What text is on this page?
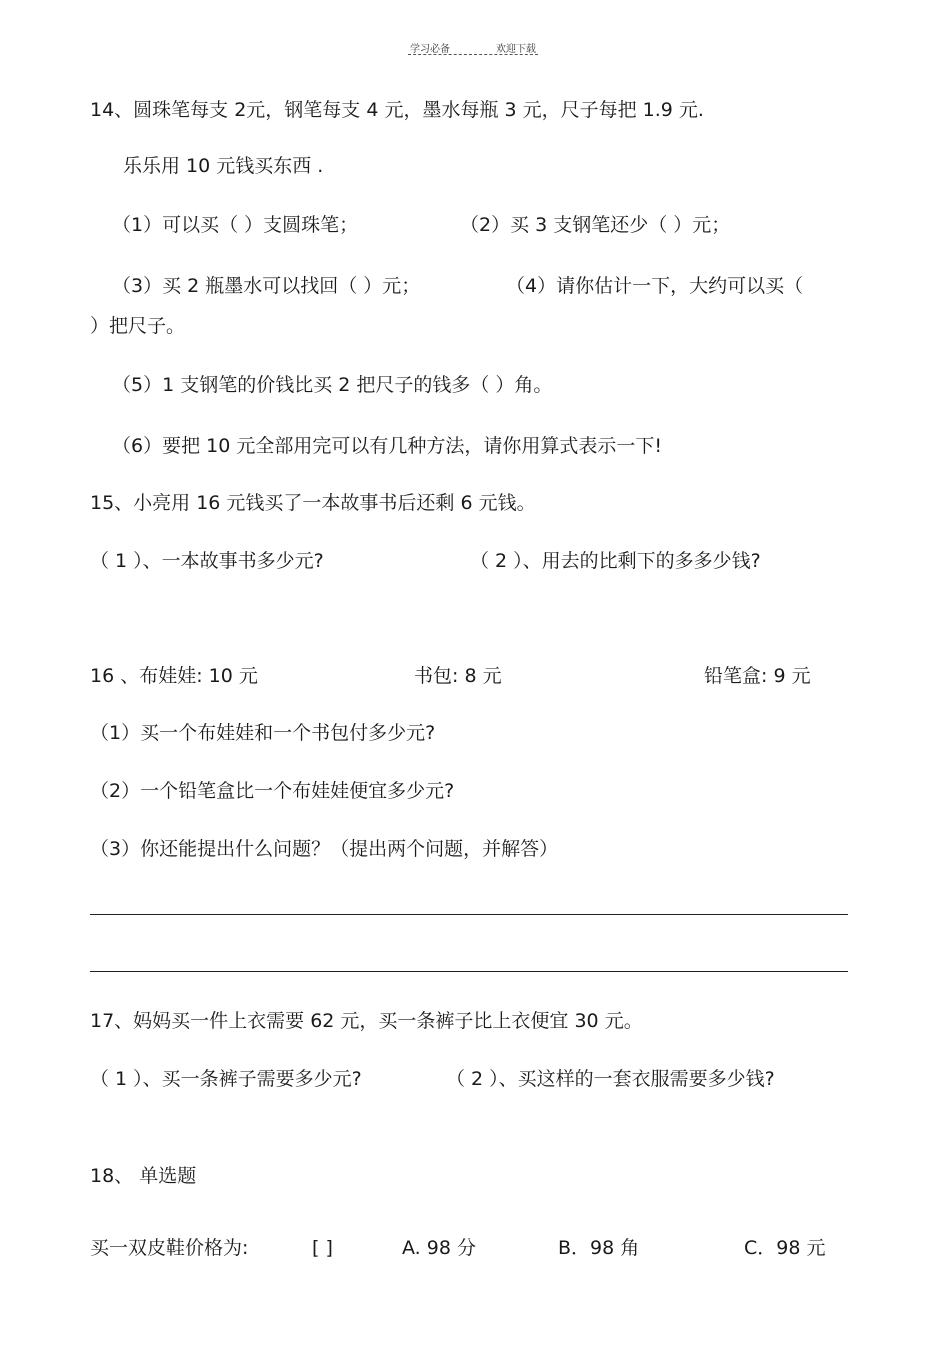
学习必备	欢迎下载
14、圆珠笔每支 2元，钢笔每支 4 元，墨水每瓶 3 元，尺子每把 1.9 元.
乐乐用 10 元钱买东西 .
（1）可以买（ ）支圆珠笔；	（2）买 3 支钢笔还少（ ）元；
（3）买 2 瓶墨水可以找回（ ）元；	（4）请你估计一下，大约可以买（
）把尺子。
（5）1 支钢笔的价钱比买 2 把尺子的钱多（ ）角。
（6）要把 10 元全部用完可以有几种方法，请你用算式表示一下!
15、小亮用 16 元钱买了一本故事书后还剩 6 元钱。
（ 1 ）、一本故事书多少元?	（ 2 ）、用去的比剩下的多多少钱?
16 、布娃娃: 10 元	书包: 8 元	铅笔盒: 9 元
（1）买一个布娃娃和一个书包付多少元?
（2）一个铅笔盒比一个布娃娃便宜多少元?
（3）你还能提出什么问题？（提出两个问题，并解答）
17、妈妈买一件上衣需要 62 元，买一条裤子比上衣便宜 30 元。
（ 1 ）、买一条裤子需要多少元?	（ 2 ）、买这样的一套衣服需要多少钱?
18、 单选题
买一双皮鞋价格为:	[ ]	A. 98 分	B．98 角	C．98 元
